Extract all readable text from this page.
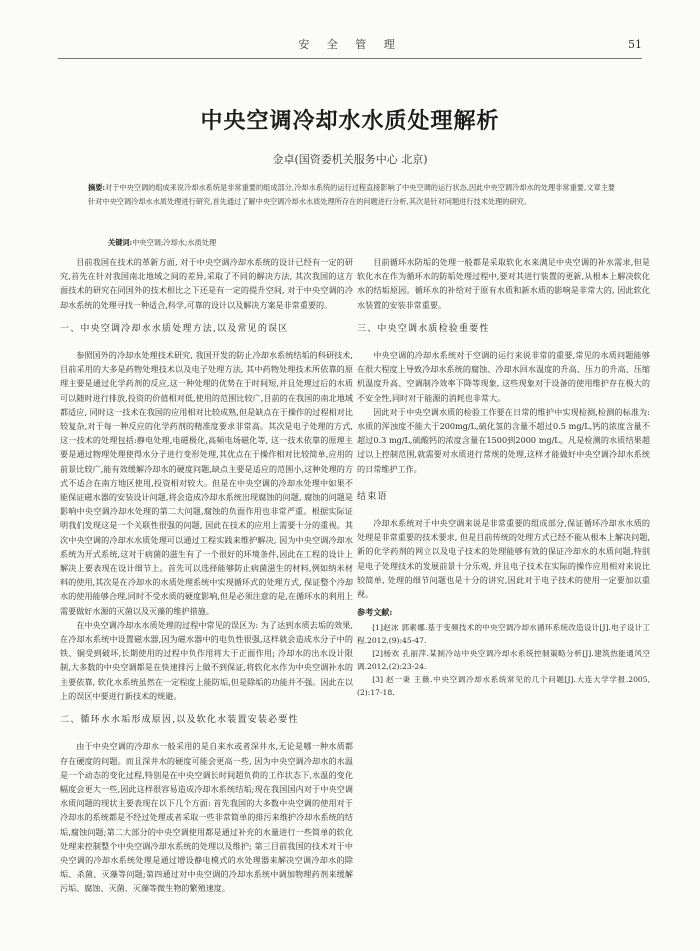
安 全 管 理	51
中央空调冷却水水质处理解析

金卓(国资委机关服务中心 北京)

摘要:对于中央空调的组成来说冷却水系统是非常重要的组成部分,冷却水系统的运行过程直接影响了中央空调的运行状态,因此中央空调冷却水的处理非常重要,文章主要针对中央空调冷却水水质处理进行研究,首先通过了解中央空调冷却水水质处理所存在的问题进行分析,其次是针对问题进行技术处理的研究。

关键词:中央空调;冷却水;水质处理

目前我国在技术的革新方面, 对于中央空调冷却水系统的设计已经有一定的研究,首先在针对我国南北地域之间的差异,采取了不同的解决方法, 其次我国的这方面技术的研究在同国外的技术相比之下还是有一定的提升空间, 对于中央空调的冷却水系统的处理寻找一种适合,科学,可靠的设计以及解决方案是非常重要的。

一、中央空调冷却水水质处理方法,以及常见的误区

参照国外的冷却水处理技术研究, 我国开发的防止冷却水系统结垢的科研技术, 目前采用的大多是药物处理技术以及电子处理方法, 其中药物处理技术所依靠的原理主要是通过化学药剂的反应,这一种处理的优势在于时间短,并且处理过后的水质可以随时进行排放,投资的价值相对低,使用的范围比较广,目前的在我国的南北地域都适应, 同时这一技术在我国的应用相对比较成熟,但是缺点在于操作的过程相对比较复杂,对于每一种反应的化学药剂的精准度要求非常高。其次是电子处理的方式,这一技术的处理包括:静电处理,电磁极化,高频电场磁化等, 这一技术依靠的原理主要是通过物理处理使得水分子进行变形处理,其优点在于操作相对比较简单,应用的前景比较广,能有效缓解冷却水的硬度问题,缺点主要是适应的范围小,这种处理的方式不适合在南方地区使用,投资相对较大。但是在中央空调的冷却水处理中如果不能保证磁水器的安装设计问题,将会造成冷却水系统出现腐蚀的问题, 腐蚀的问题是影响中央空调冷却水处理的第二大问题,腐蚀的负面作用也非常严重。根据实际证明我们发现这是一个关联性很强的问题, 因此在技术的应用上需要十分的重视。其次中央空调的冷却水水质处理可以通过工程实践来维护解决, 因为中央空调冷却水系统为开式系统,这对于病菌的滋生有了一个很好的环境条件,因此在工程的设计上解决上要表现在设计细节上。首先可以选择能够防止病菌滋生的材料,例如纳米材料的使用,其次是在冷却水的水质处理系统中实现循环式的处理方式, 保证整个冷却水的使用能够合理,同时不受水质的硬度影响,但是必须注意的是,在循环水的利用上需要做好水源的灭菌以及灭藻的维护措施。

在中央空调冷却水水质处理的过程中常见的误区为: 为了达到水质去垢的效果,在冷却水系统中设置磁水器,因为磁水器中的电负性很强,这样就会造成水分子中的铁、铜受到破坏,长期使用的过程中负作用将大于正面作用; 冷却水的出水设计限制,大多数的中央空调都是在快速排污上做不到保证,将软化水作为中央空调补水的主要依靠, 软化水系统虽然在一定程度上能防垢,但是除垢的功能并不强。因此在以上的误区中要进行新技术的规避。

二、循环水水垢形成原因,以及软化水装置安装必要性

由于中央空调的冷却水一般采用的是自来水或者深井水,无论是哪一种水质都存在硬度的问题。而且深井水的硬度可能会更高一些, 因为中央空调冷却水的水温是一个动态的变化过程,特别是在中央空调长时间超负荷的工作状态下,水温的变化幅度会更大一些,因此这样很容易造成冷却水系统结垢;现在我国国内对于中央空调水质问题的现状主要表现在以下几个方面: 首先我国的大多数中央空调的使用对于冷却水的系统都是不经过处理或者采取一些非常简单的排污来维护冷却水系统的结垢,腐蚀问题;第二大部分的中央空调使用都是通过补充的水量进行一些简单的软化处理来控制整个中央空调冷却水系统的处理以及维护; 第三目前我国的技术对于中央空调的冷却水系统处理是通过增设静电模式的水处理器来解决空调冷却水的除垢、杀菌、灭藻等问题;第四通过对中央空调的冷却水系统中调加物理药剂来缓解污垢、腐蚀、灭菌、灭藻等微生物的繁殖速度。

目前循环水防垢的处理一般都是采取软化水来满足中央空调的补水需求,但是软化水在作为循环水的防垢处理过程中,要对其进行装置的更新,从根本上解决软化水的结垢原因。循环水的补给对于原有水质和新水质的影响是非常大的, 因此软化水装置的安装非常重要。

三、中央空调水质检验重要性

中央空调的冷却水系统对于空调的运行来说非常的重要,常见的水质问题能够在很大程度上导致冷却水系统的腐蚀、冷却水回水温度的升高、压力的升高、压缩机温度升高、空调制冷效率下降等现象, 这些现象对于设备的使用维护存在极大的不安全性,同时对于能源的消耗也非常大。

因此对于中央空调水质的检验工作要在日常的维护中实现检测,检测的标准为:水质的浑浊度不能大于200mg/L,硫化氢的含量不超过0.5 mg/L,钙的浓度含量不超过0.3 mg/L,硫酸钙的浓度含量在1500到2000 mg/L。凡是检测的水质结果超过以上控制范围,就需要对水质进行常规的处理,这样才能做好中央空调冷却水系统的日常维护工作。

结束语

冷却水系统对于中央空调来说是非常重要的组成部分,保证循环冷却水水质的处理是非常重要的技术要求, 但是目前传统的处理方式已经不能从根本上解决问题, 新的化学药剂的网立以及电子技术的处理能够有效的保证冷却水的水质问题,特别是电子处理技术的发展前景十分乐观, 并且电子技术在实际的操作应用相对来说比较简单, 处理的细节问题也是十分的讲究,因此对于电子技术的使用一定要加以重视。

参考文献:

[1]赵冰 郭素娜.基于变频技术的中央空调冷却水循环系统改造设计[J].电子设计工程.2012,(9):45-47.

[2]杨欢 孔丽萍.某制冷站中央空调冷却水系统控制策略分析[J].建筑热能通风空调.2012,(2):23-24.

[3] 赵一秉 王薇.中央空调冷却水系统常见的几个问题[J].大连大学学报.2005,(2):17-18.
